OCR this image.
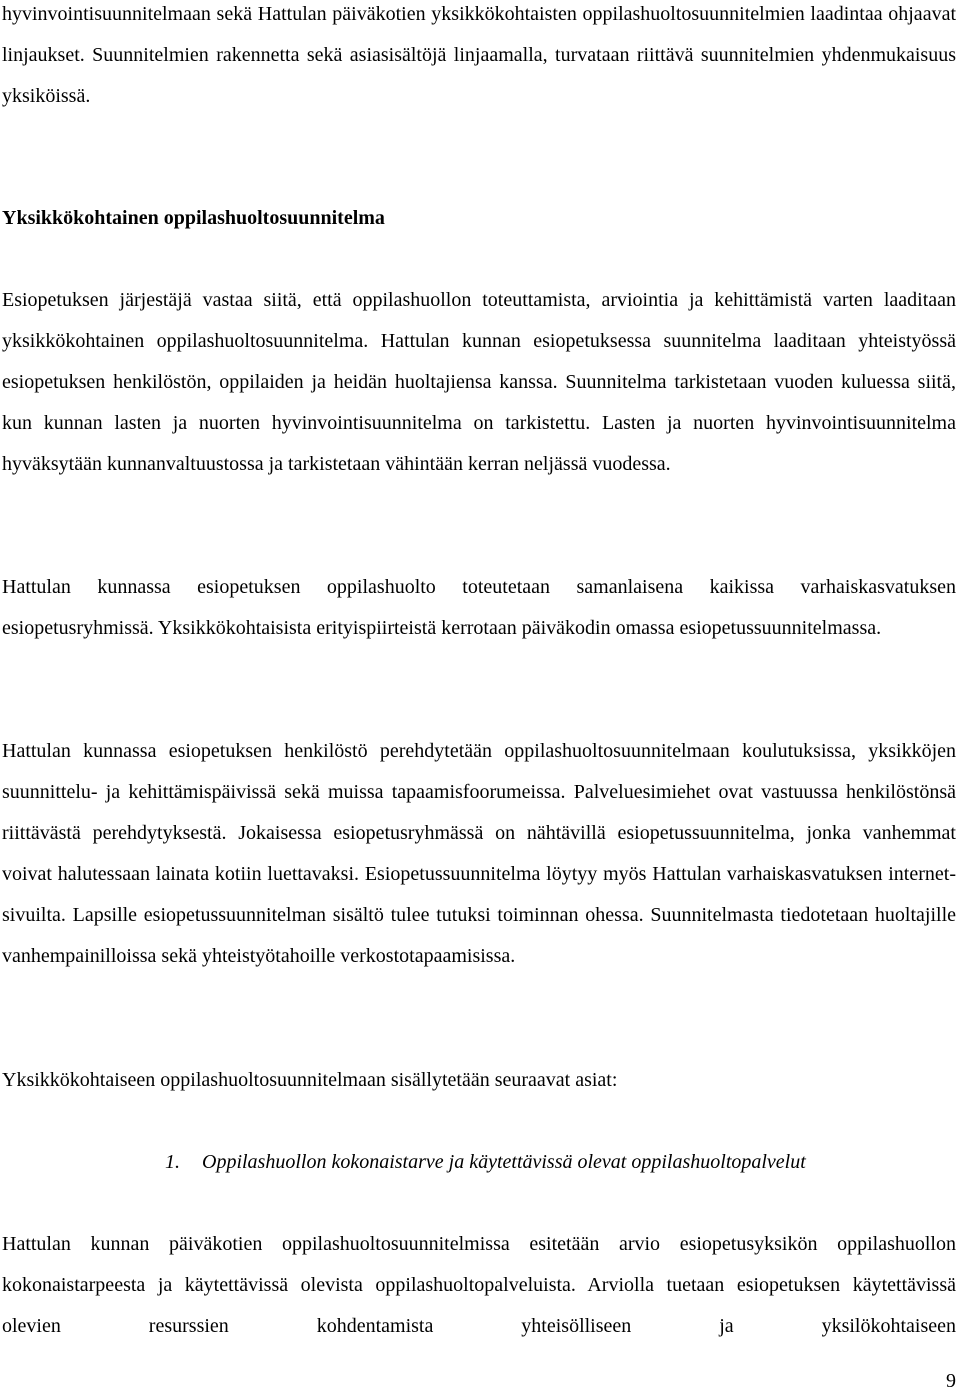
hyvinvointisuunnitelmaan sekä Hattulan päiväkotien yksikkökohtaisten oppilashuoltosuunnitelmien laadintaa ohjaavat linjaukset. Suunnitelmien rakennetta sekä asiasisältöjä linjaamalla, turvataan riittävä suunnitelmien yhdenmukaisuus yksiköissä.

Yksikkökohtainen oppilashuoltosuunnitelma

Esiopetuksen järjestäjä vastaa siitä, että oppilashuollon toteuttamista, arviointia ja kehittämistä varten laaditaan yksikkökohtainen oppilashuoltosuunnitelma. Hattulan kunnan esiopetuksessa suunnitelma laaditaan yhteistyössä esiopetuksen henkilöstön, oppilaiden ja heidän huoltajiensa kanssa. Suunnitelma tarkistetaan vuoden kuluessa siitä, kun kunnan lasten ja nuorten hyvinvointisuunnitelma on tarkistettu. Lasten ja nuorten hyvinvointisuunnitelma hyväksytään kunnanvaltuustossa ja tarkistetaan vähintään kerran neljässä vuodessa.

Hattulan kunnassa esiopetuksen oppilashuolto toteutetaan samanlaisena kaikissa varhaiskasvatuksen esiopetusryhmissä. Yksikkökohtaisista erityispiirteistä kerrotaan päiväkodin omassa esiopetussuunnitelmassa.

Hattulan kunnassa esiopetuksen henkilöstö perehdytetään oppilashuoltosuunnitelmaan koulutuksissa, yksikköjen suunnittelu- ja kehittämispäivissä sekä muissa tapaamisfoorumeissa. Palveluesimiehet ovat vastuussa henkilöstönsä riittävästä perehdytyksestä. Jokaisessa esiopetusryhmässä on nähtävillä esiopetussuunnitelma, jonka vanhemmat voivat halutessaan lainata kotiin luettavaksi. Esiopetussuunnitelma löytyy myös Hattulan varhaiskasvatuksen internet-sivuilta. Lapsille esiopetussuunnitelman sisältö tulee tutuksi toiminnan ohessa. Suunnitelmasta tiedotetaan huoltajille vanhempainilloissa sekä yhteistyötahoille verkostotapaamisissa.

Yksikkökohtaiseen oppilashuoltosuunnitelmaan sisällytetään seuraavat asiat:

1. Oppilashuollon kokonaistarve ja käytettävissä olevat oppilashuoltopalvelut

Hattulan kunnan päiväkotien oppilashuoltosuunnitelmissa esitetään arvio esiopetusyksikön oppilashuollon kokonaistarpeesta ja käytettävissä olevista oppilashuoltopalveluista. Arviolla tuetaan esiopetuksen käytettävissä olevien resurssien kohdentamista yhteisölliseen ja yksilökohtaiseen

9
